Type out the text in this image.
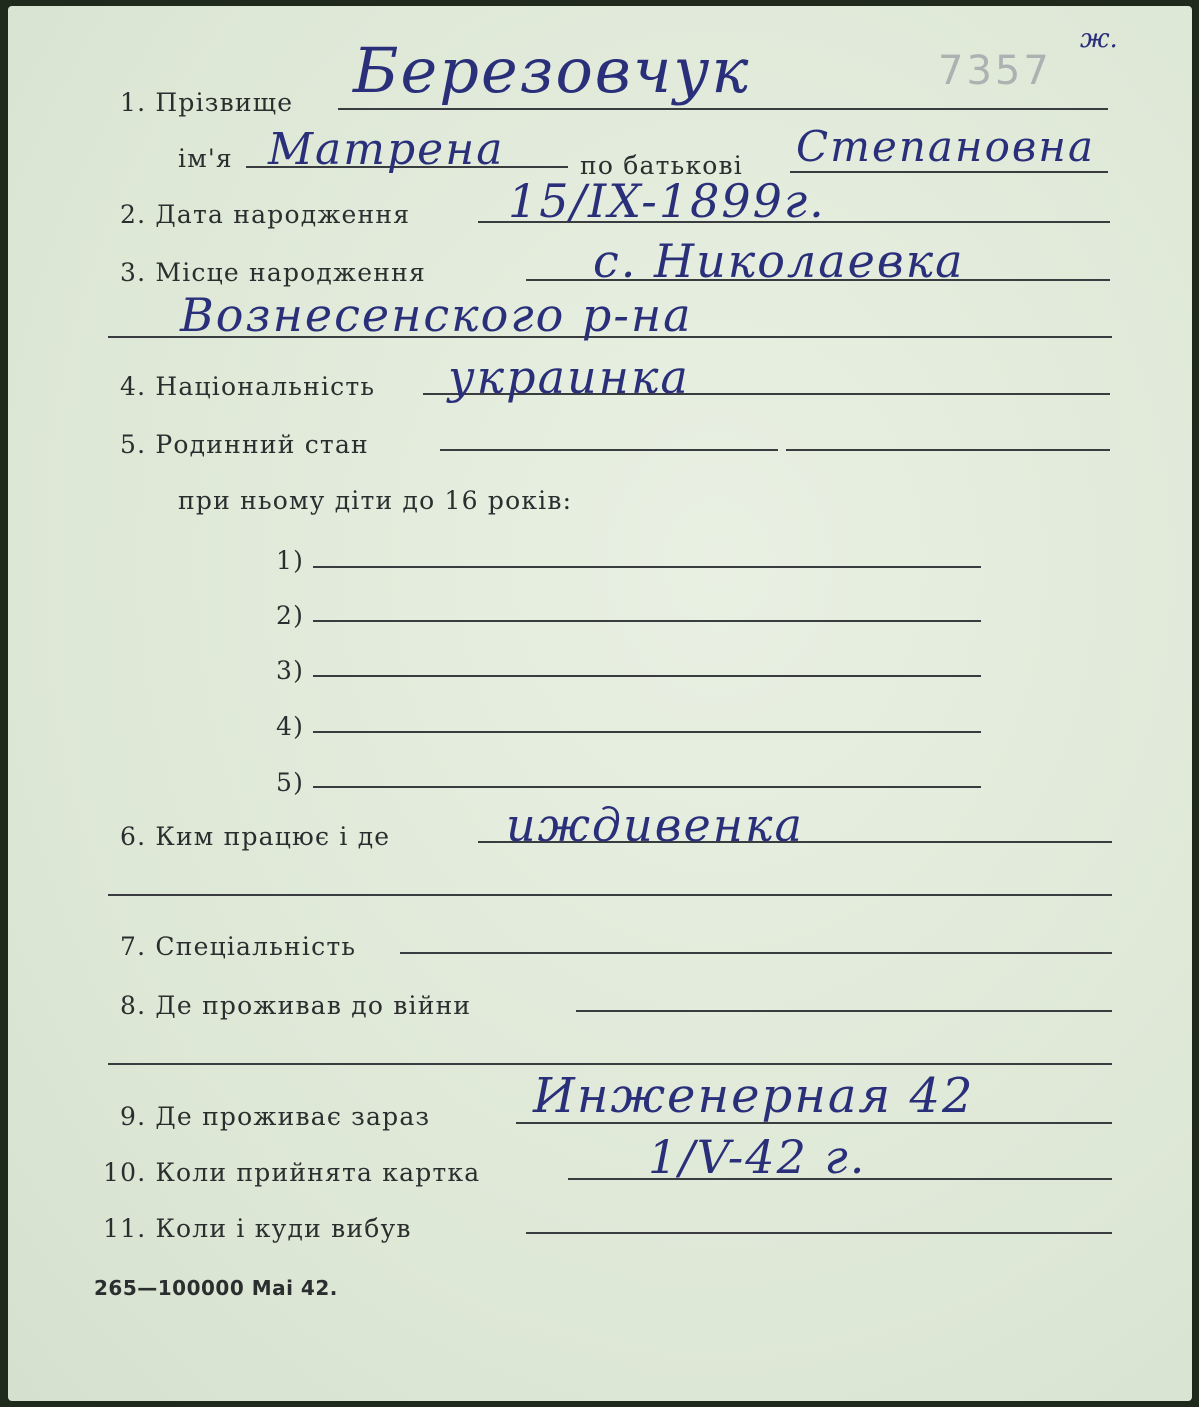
ж.
7357
1. Прізвище Березовчук
ім'я Матрена	по батькові Степановна
2. Дата народження 15/IX-1899г.
3. Місце народження	с. Николаевка
Вознесенского р-на
4. Національність украинка
5. Родинний стан
при ньому діти до 16 років:
1)
2)
3)
4)
5)
6. Ким працює і де	иждивенка
7. Спеціальність
8. Де проживав до війни
9. Де проживає зараз Инженерная 42
10. Коли прийнята картка	1/V-42 г.
11. Коли і куди вибув
265—100000 Mai 42.
